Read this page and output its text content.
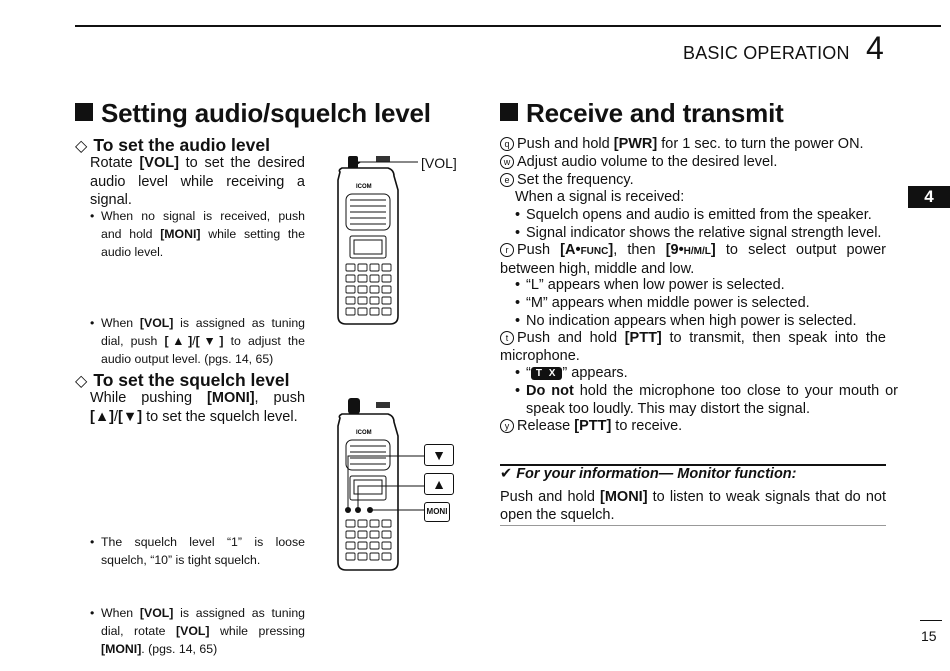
BASIC OPERATION 4
4
Setting audio/squelch level
◇ To set the audio level
Rotate [VOL] to set the desired audio level while receiving a signal.
• When no signal is received, push and hold [MONI] while setting the audio level.
• When [VOL] is assigned as tuning dial, push [▲]/[▼] to adjust the audio output level. (pgs. 14, 65)
ICOM
[VOL]
◇ To set the squelch level
While pushing [MONI], push [▲]/[▼] to set the squelch level.
• The squelch level “1” is loose squelch, “10” is tight squelch.
• When [VOL] is assigned as tuning dial, rotate [VOL] while pressing [MONI]. (pgs. 14, 65)
ICOM
▼
▲
MONI
Receive and transmit
q Push and hold [PWR] for 1 sec. to turn the power ON.
w Adjust audio volume to the desired level.
e Set the frequency.
When a signal is received:
• Squelch opens and audio is emitted from the speaker.
• Signal indicator shows the relative signal strength level.
r Push [A•FUNC], then [9•H/M/L] to select output power between high, middle and low.
• “L” appears when low power is selected.
• “M” appears when middle power is selected.
• No indication appears when high power is selected.
t Push and hold [PTT] to transmit, then speak into the microphone.
• “ T X ” appears.
• Do not hold the microphone too close to your mouth or speak too loudly. This may distort the signal.
y Release [PTT] to receive.
✔ For your information— Monitor function:
Push and hold [MONI] to listen to weak signals that do not open the squelch.
15
